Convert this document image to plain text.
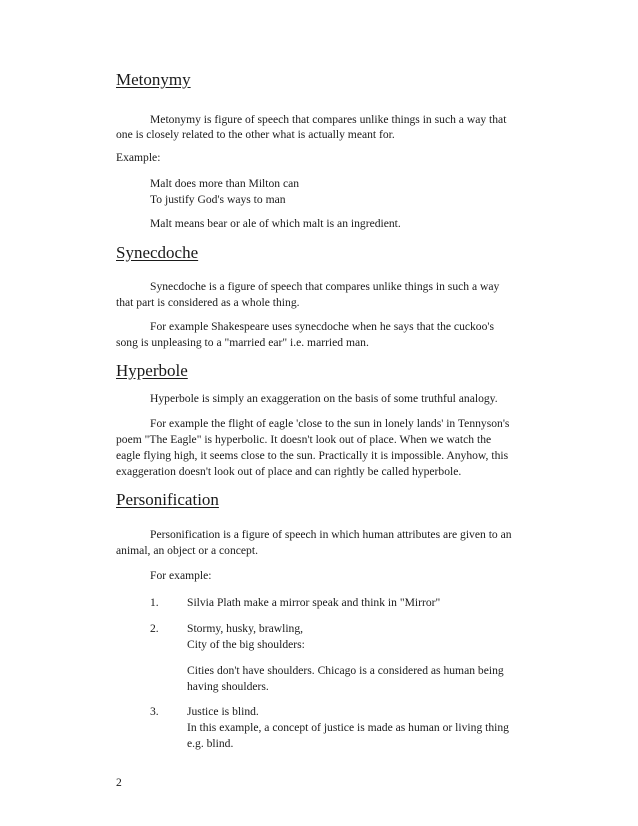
Metonymy

Metonymy is figure of speech that compares unlike things in such a way that

one is closely related to the other what is actually meant for.

Example:

Malt does more than Milton can

To justify God's ways to man

Malt means bear or ale of which malt is an ingredient.

Synecdoche

Synecdoche is a figure of speech that compares unlike things in such a way

that part is considered as a whole thing.

For example Shakespeare uses synecdoche when he says that the cuckoo's

song is unpleasing to a "married ear" i.e. married man.

Hyperbole

Hyperbole is simply an exaggeration on the basis of some truthful analogy.

For example the flight of eagle 'close to the sun in lonely lands' in Tennyson's

poem "The Eagle" is hyperbolic. It doesn't look out of place. When we watch the

eagle flying high, it seems close to the sun. Practically it is impossible. Anyhow, this

exaggeration doesn't look out of place and can rightly be called hyperbole.

Personification

Personification is a figure of speech in which human attributes are given to an

animal, an object or a concept.

For example:

1. Silvia Plath make a mirror speak and think in "Mirror"

2. Stormy, husky, brawling,

City of the big shoulders:

Cities don't have shoulders. Chicago is a considered as human being

having shoulders.

3. Justice is blind.

In this example, a concept of justice is made as human or living thing

e.g. blind.

2
